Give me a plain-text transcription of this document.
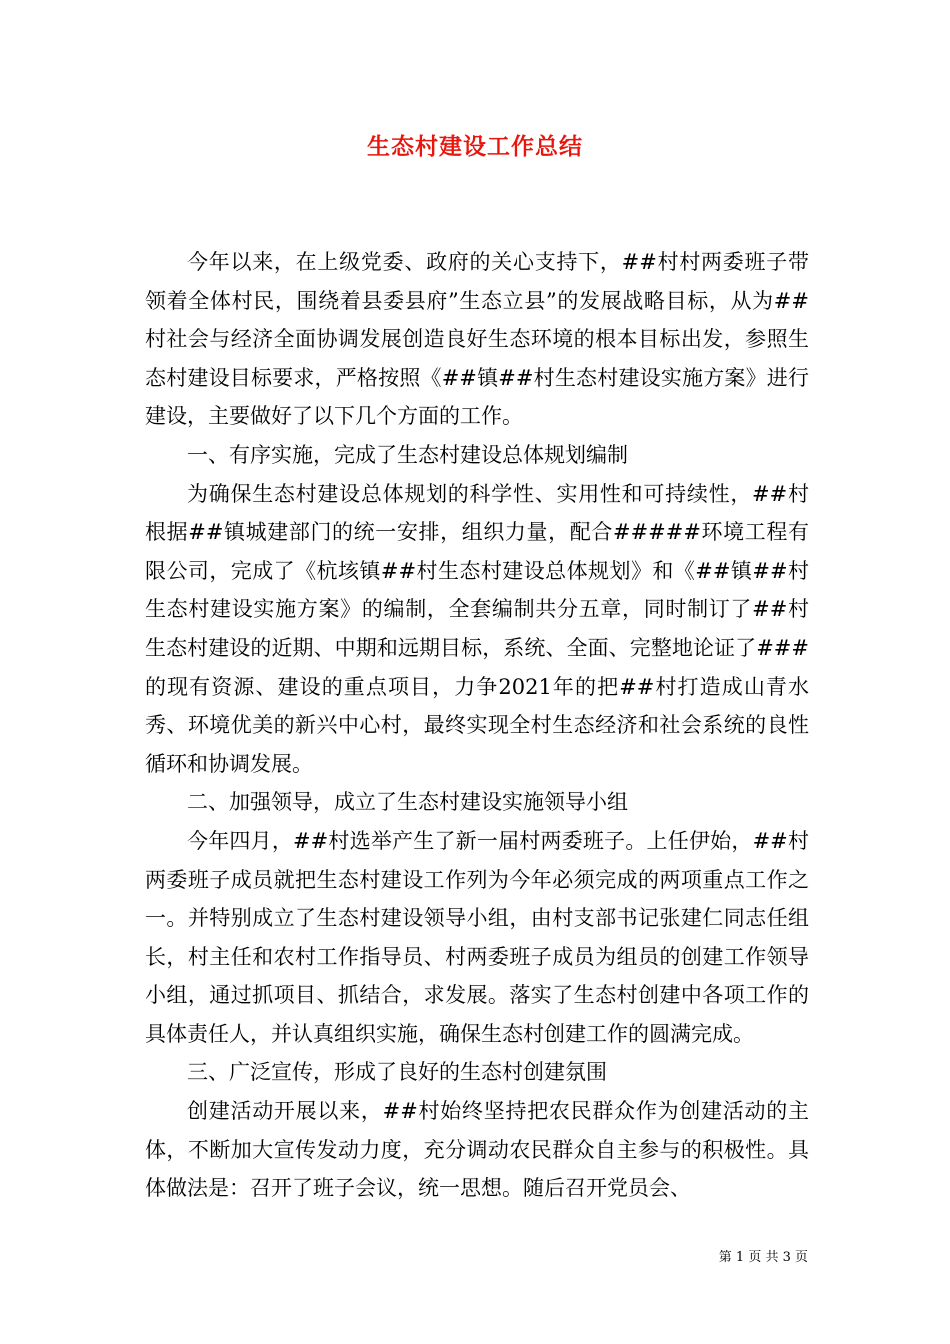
生态村建设工作总结

今年以来，在上级党委、政府的关心支持下，##村村两委班子带领着全体村民，围绕着县委县府”生态立县”的发展战略目标，从为##村社会与经济全面协调发展创造良好生态环境的根本目标出发，参照生态村建设目标要求，严格按照《##镇##村生态村建设实施方案》进行建设，主要做好了以下几个方面的工作。

一、有序实施，完成了生态村建设总体规划编制

为确保生态村建设总体规划的科学性、实用性和可持续性，##村根据##镇城建部门的统一安排，组织力量，配合#####环境工程有限公司，完成了《杭垓镇##村生态村建设总体规划》和《##镇##村生态村建设实施方案》的编制，全套编制共分五章，同时制订了##村生态村建设的近期、中期和远期目标，系统、全面、完整地论证了###的现有资源、建设的重点项目，力争2021年的把##村打造成山青水秀、环境优美的新兴中心村，最终实现全村生态经济和社会系统的良性循环和协调发展。

二、加强领导，成立了生态村建设实施领导小组

今年四月，##村选举产生了新一届村两委班子。上任伊始，##村两委班子成员就把生态村建设工作列为今年必须完成的两项重点工作之一。并特别成立了生态村建设领导小组，由村支部书记张建仁同志任组长，村主任和农村工作指导员、村两委班子成员为组员的创建工作领导小组，通过抓项目、抓结合，求发展。落实了生态村创建中各项工作的具体责任人，并认真组织实施，确保生态村创建工作的圆满完成。

三、广泛宣传，形成了良好的生态村创建氛围

创建活动开展以来，##村始终坚持把农民群众作为创建活动的主体，不断加大宣传发动力度，充分调动农民群众自主参与的积极性。具体做法是：召开了班子会议，统一思想。随后召开党员会、

第 1 页 共 3 页
